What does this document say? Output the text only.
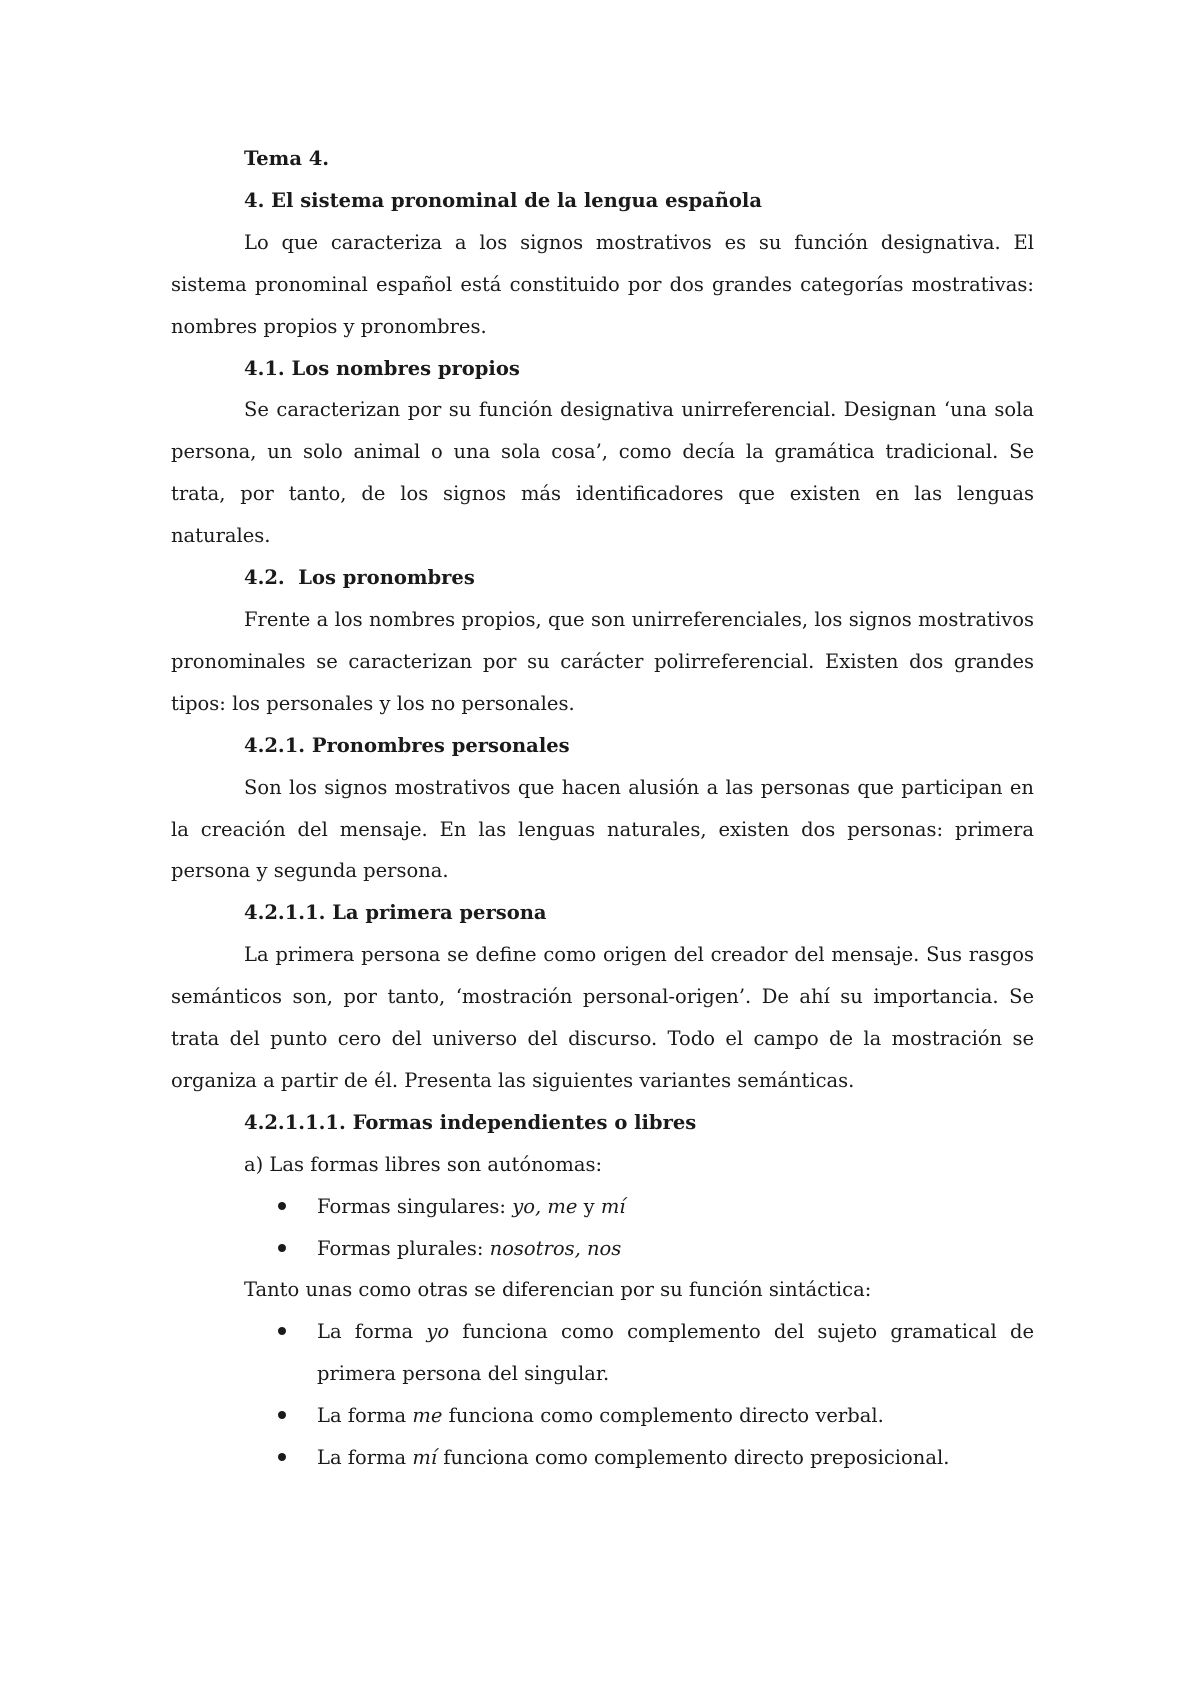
Tema 4.

4. El sistema pronominal de la lengua española

Lo que caracteriza a los signos mostrativos es su función designativa. El sistema pronominal español está constituido por dos grandes categorías mostrativas: nombres propios y pronombres.

4.1. Los nombres propios

Se caracterizan por su función designativa unirreferencial. Designan ‘una sola persona, un solo animal o una sola cosa’, como decía la gramática tradicional. Se trata, por tanto, de los signos más identificadores que existen en las lenguas naturales.

4.2.  Los pronombres

Frente a los nombres propios, que son unirreferenciales, los signos mostrativos pronominales se caracterizan por su carácter polirreferencial. Existen dos grandes tipos: los personales y los no personales.

4.2.1. Pronombres personales

Son los signos mostrativos que hacen alusión a las personas que participan en la creación del mensaje. En las lenguas naturales, existen dos personas: primera persona y segunda persona.

4.2.1.1. La primera persona

La primera persona se define como origen del creador del mensaje. Sus rasgos semánticos son, por tanto, ‘mostración personal-origen’. De ahí su importancia. Se trata del punto cero del universo del discurso. Todo el campo de la mostración se organiza a partir de él. Presenta las siguientes variantes semánticas.

4.2.1.1.1. Formas independientes o libres

a) Las formas libres son autónomas:

Formas singulares: yo, me y mí

Formas plurales: nosotros, nos

Tanto unas como otras se diferencian por su función sintáctica:

La forma yo funciona como complemento del sujeto gramatical de primera persona del singular.

La forma me funciona como complemento directo verbal.

La forma mí funciona como complemento directo preposicional.
